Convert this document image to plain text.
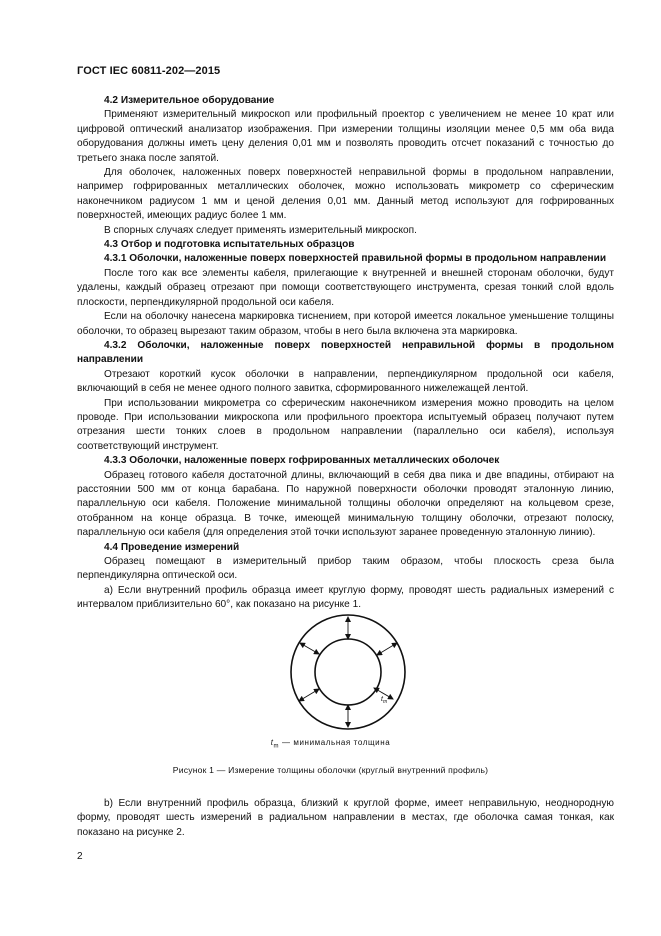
ГОСТ IEC 60811-202—2015

4.2 Измерительное оборудование

Применяют измерительный микроскоп или профильный проектор с увеличением не менее 10 крат или цифровой оптический анализатор изображения. При измерении толщины изоляции менее 0,5 мм оба вида оборудования должны иметь цену деления 0,01 мм и позволять проводить отсчет показаний с точностью до третьего знака после запятой.

Для оболочек, наложенных поверх поверхностей неправильной формы в продольном направлении, например гофрированных металлических оболочек, можно использовать микрометр со сферическим наконечником радиусом 1 мм и ценой деления 0,01 мм. Данный метод используют для гофрированных поверхностей, имеющих радиус более 1 мм.

В спорных случаях следует применять измерительный микроскоп.

4.3 Отбор и подготовка испытательных образцов

4.3.1 Оболочки, наложенные поверх поверхностей правильной формы в продольном направлении

После того как все элементы кабеля, прилегающие к внутренней и внешней сторонам оболочки, будут удалены, каждый образец отрезают при помощи соответствующего инструмента, срезая тонкий слой вдоль плоскости, перпендикулярной продольной оси кабеля.

Если на оболочку нанесена маркировка тиснением, при которой имеется локальное уменьшение толщины оболочки, то образец вырезают таким образом, чтобы в него была включена эта маркировка.

4.3.2 Оболочки, наложенные поверх поверхностей неправильной формы в продольном направлении

Отрезают короткий кусок оболочки в направлении, перпендикулярном продольной оси кабеля, включающий в себя не менее одного полного завитка, сформированного нижележащей лентой.

При использовании микрометра со сферическим наконечником измерения можно проводить на целом проводе. При использовании микроскопа или профильного проектора испытуемый образец получают путем отрезания шести тонких слоев в продольном направлении (параллельно оси кабеля), используя соответствующий инструмент.

4.3.3 Оболочки, наложенные поверх гофрированных металлических оболочек

Образец готового кабеля достаточной длины, включающий в себя два пика и две впадины, отбирают на расстоянии 500 мм от конца барабана. По наружной поверхности оболочки проводят эталонную линию, параллельную оси кабеля. Положение минимальной толщины оболочки определяют на кольцевом срезе, отобранном на конце образца. В точке, имеющей минимальную толщину оболочки, отрезают полоску, параллельную оси кабеля (для определения этой точки используют заранее проведенную эталонную линию).

4.4 Проведение измерений

Образец помещают в измерительный прибор таким образом, чтобы плоскость среза была перпендикулярна оптической оси.

a) Если внутренний профиль образца имеет круглую форму, проводят шесть радиальных измерений с интервалом приблизительно 60°, как показано на рисунке 1.

$t_m$
$t_m$ — минимальная толщина
Рисунок 1 — Измерение толщины оболочки (круглый внутренний профиль)

b) Если внутренний профиль образца, близкий к круглой форме, имеет неправильную, неоднородную форму, проводят шесть измерений в радиальном направлении в местах, где оболочка самая тонкая, как показано на рисунке 2.

2
